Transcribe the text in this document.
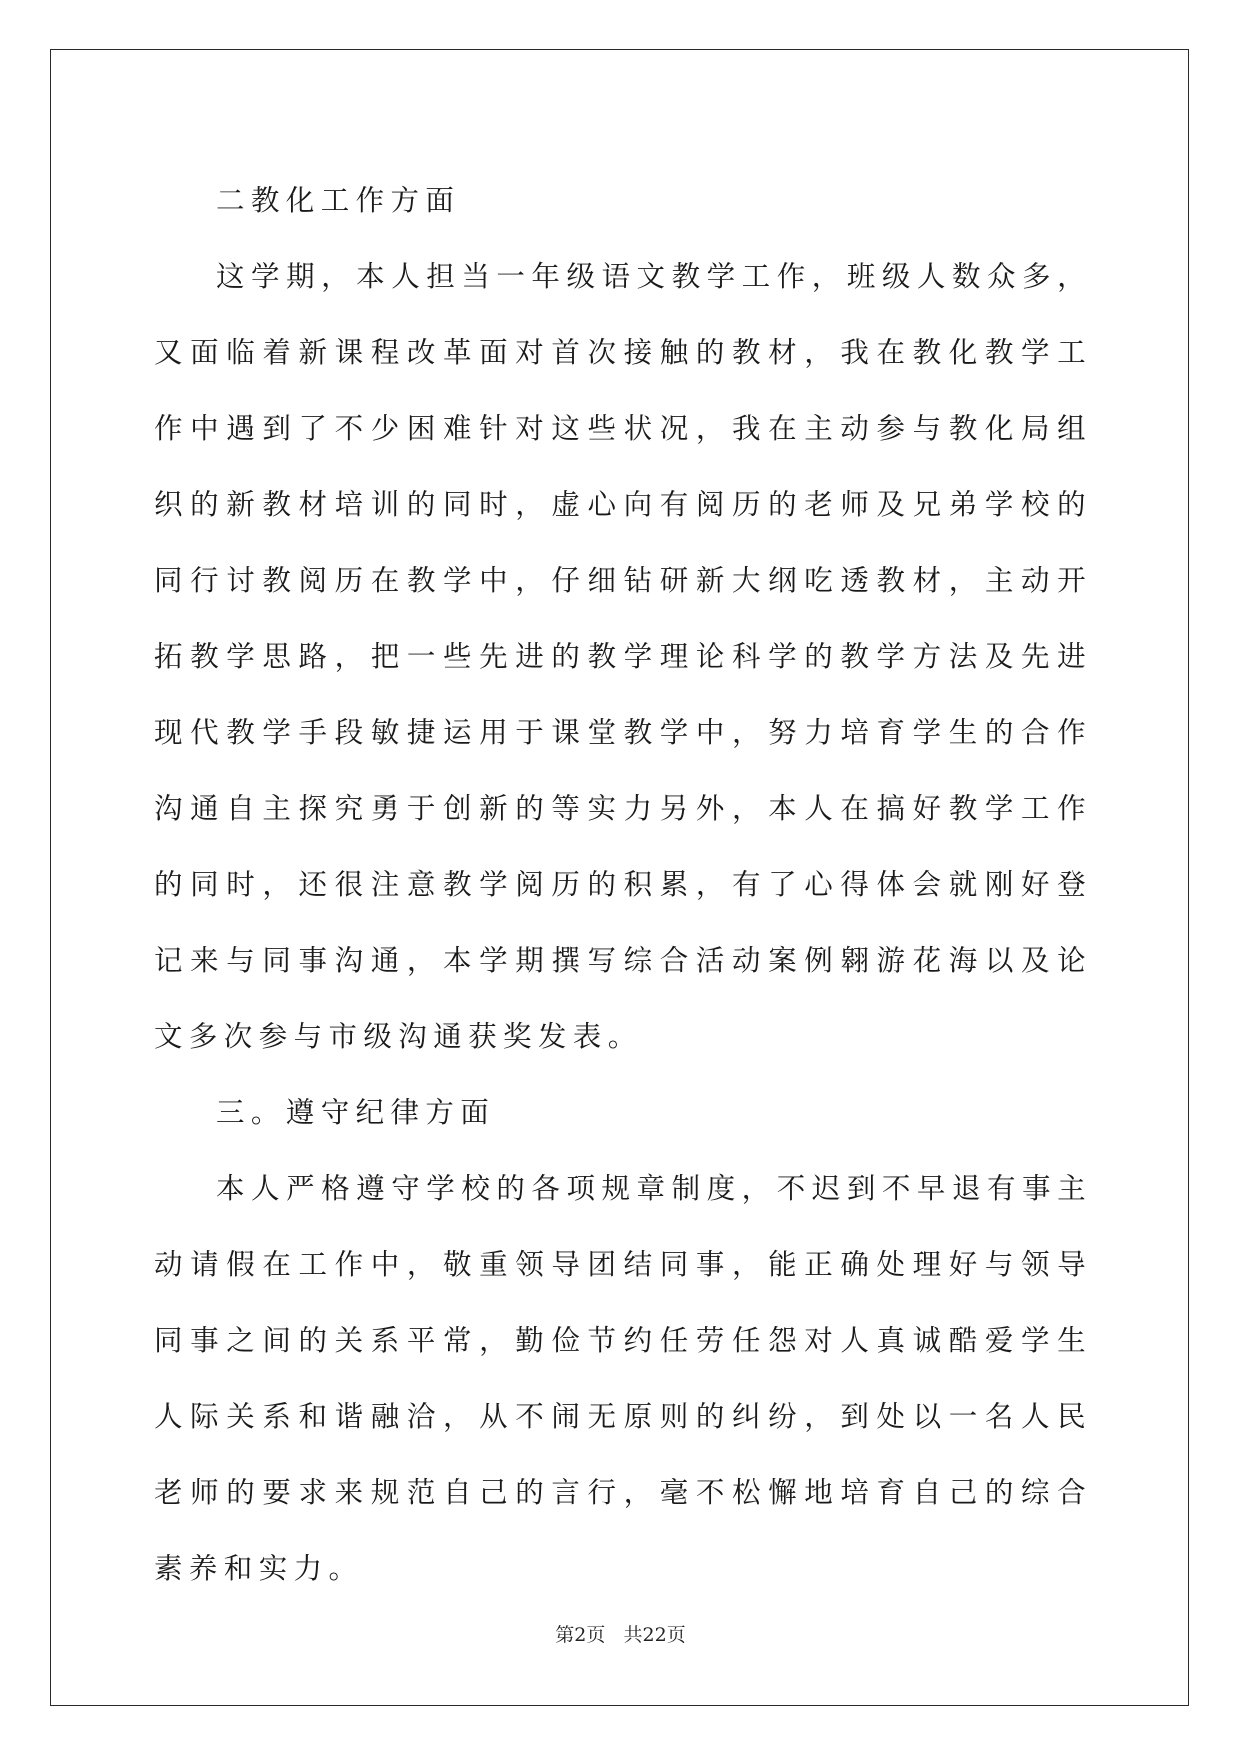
二教化工作方面

这学期，本人担当一年级语文教学工作，班级人数众多，又面临着新课程改革面对首次接触的教材，我在教化教学工作中遇到了不少困难针对这些状况，我在主动参与教化局组织的新教材培训的同时，虚心向有阅历的老师及兄弟学校的同行讨教阅历在教学中，仔细钻研新大纲吃透教材，主动开拓教学思路，把一些先进的教学理论科学的教学方法及先进现代教学手段敏捷运用于课堂教学中，努力培育学生的合作沟通自主探究勇于创新的等实力另外，本人在搞好教学工作的同时，还很注意教学阅历的积累，有了心得体会就刚好登记来与同事沟通，本学期撰写综合活动案例翱游花海以及论文多次参与市级沟通获奖发表。

三。遵守纪律方面

本人严格遵守学校的各项规章制度，不迟到不早退有事主动请假在工作中，敬重领导团结同事，能正确处理好与领导同事之间的关系平常，勤俭节约任劳任怨对人真诚酷爱学生人际关系和谐融洽，从不闹无原则的纠纷，到处以一名人民老师的要求来规范自己的言行，毫不松懈地培育自己的综合素养和实力。

第2页 共22页
